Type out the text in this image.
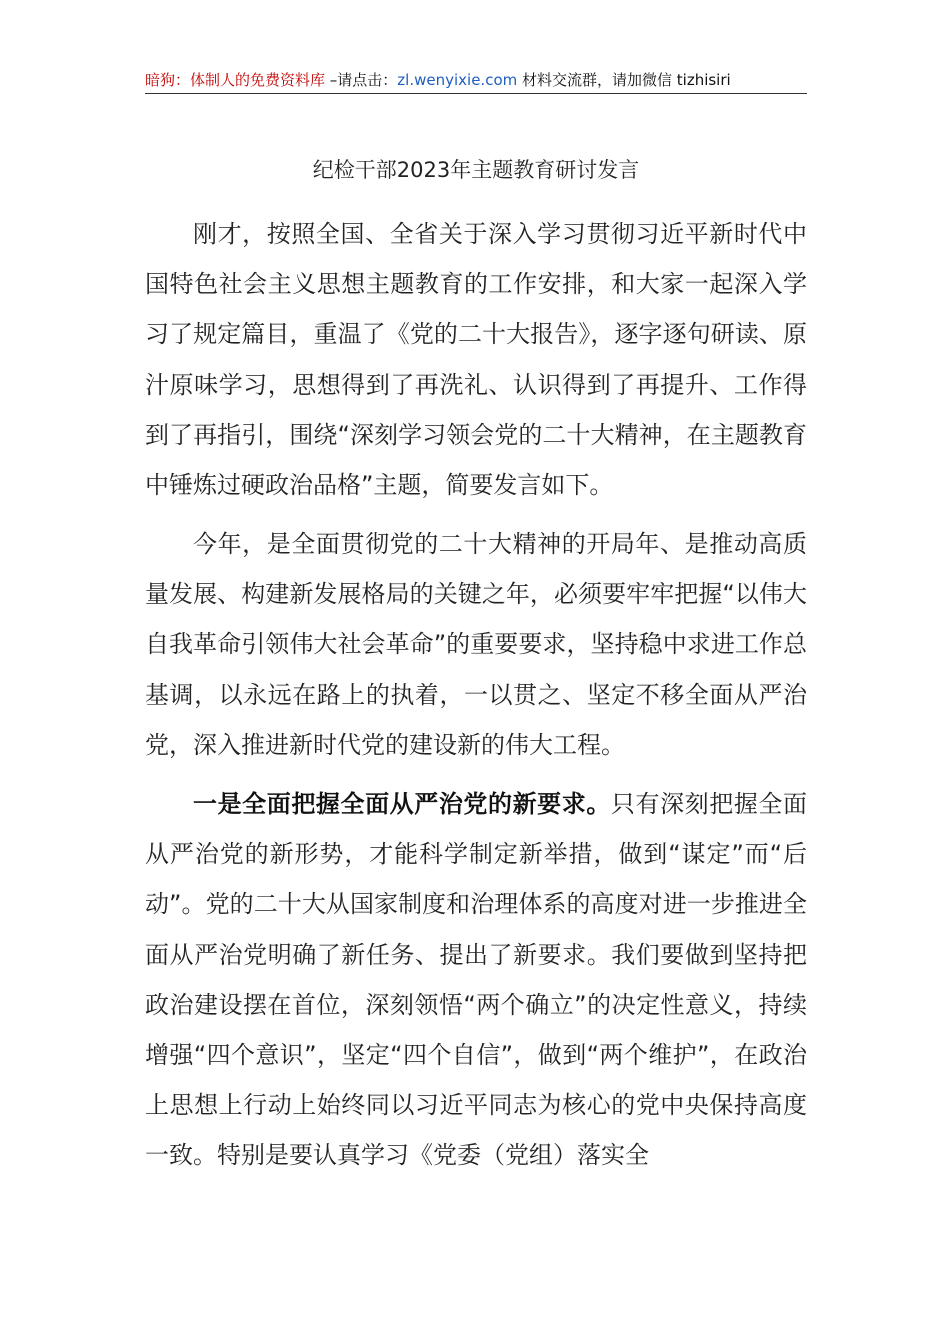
暗狗：体制人的免费资料库 –请点击：zl.wenyixie.com 材料交流群，请加微信 tizhisiri
纪检干部2023年主题教育研讨发言

刚才，按照全国、全省关于深入学习贯彻习近平新时代中国特色社会主义思想主题教育的工作安排，和大家一起深入学习了规定篇目，重温了《党的二十大报告》，逐字逐句研读、原汁原味学习，思想得到了再洗礼、认识得到了再提升、工作得到了再指引，围绕“深刻学习领会党的二十大精神，在主题教育中锤炼过硬政治品格”主题，简要发言如下。

今年，是全面贯彻党的二十大精神的开局年、是推动高质量发展、构建新发展格局的关键之年，必须要牢牢把握“以伟大自我革命引领伟大社会革命”的重要要求，坚持稳中求进工作总基调，以永远在路上的执着，一以贯之、坚定不移全面从严治党，深入推进新时代党的建设新的伟大工程。

一是全面把握全面从严治党的新要求。只有深刻把握全面从严治党的新形势，才能科学制定新举措，做到“谋定”而“后动”。党的二十大从国家制度和治理体系的高度对进一步推进全面从严治党明确了新任务、提出了新要求。我们要做到坚持把政治建设摆在首位，深刻领悟“两个确立”的决定性意义，持续增强“四个意识”，坚定“四个自信”，做到“两个维护”，在政治上思想上行动上始终同以习近平同志为核心的党中央保持高度一致。特别是要认真学习《党委（党组）落实全
